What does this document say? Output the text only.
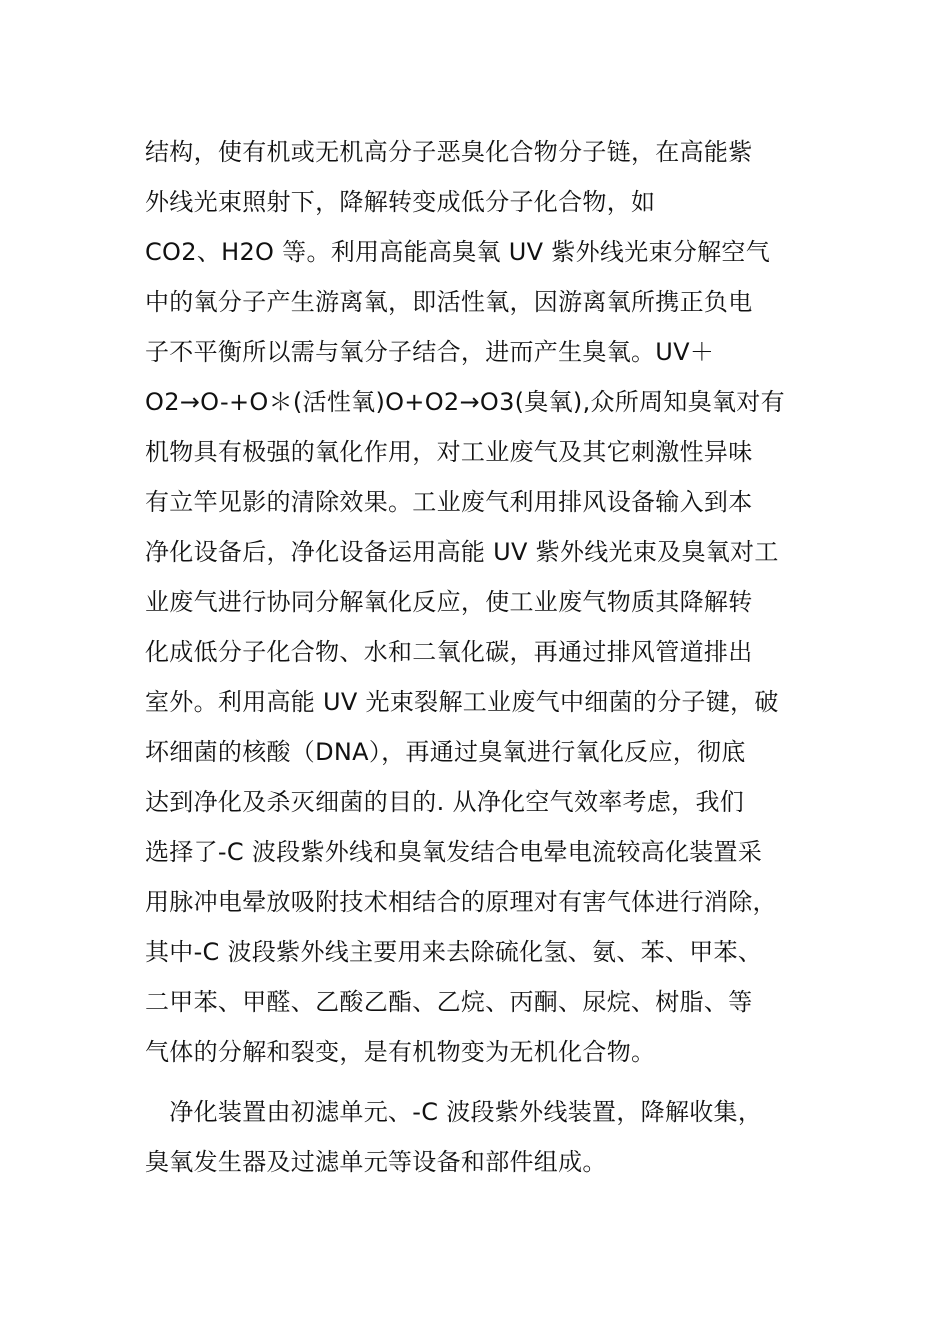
结构，使有机或无机高分子恶臭化合物分子链，在高能紫
外线光束照射下，降解转变成低分子化合物，如
CO2、H2O 等。利用高能高臭氧 UV 紫外线光束分解空气
中的氧分子产生游离氧，即活性氧，因游离氧所携正负电
子不平衡所以需与氧分子结合，进而产生臭氧。UV＋
O2→O-+O＊(活性氧)O+O2→O3(臭氧),众所周知臭氧对有
机物具有极强的氧化作用，对工业废气及其它刺激性异味
有立竿见影的清除效果。工业废气利用排风设备输入到本
净化设备后，净化设备运用高能 UV 紫外线光束及臭氧对工
业废气进行协同分解氧化反应，使工业废气物质其降解转
化成低分子化合物、水和二氧化碳，再通过排风管道排出
室外。利用高能 UV 光束裂解工业废气中细菌的分子键，破
坏细菌的核酸（DNA），再通过臭氧进行氧化反应，彻底
达到净化及杀灭细菌的目的. 从净化空气效率考虑，我们
选择了-C 波段紫外线和臭氧发结合电晕电流较高化装置采
用脉冲电晕放吸附技术相结合的原理对有害气体进行消除，
其中-C 波段紫外线主要用来去除硫化氢、氨、苯、甲苯、
二甲苯、甲醛、乙酸乙酯、乙烷、丙酮、尿烷、树脂、等
气体的分解和裂变，是有机物变为无机化合物。
　净化装置由初滤单元、-C 波段紫外线装置，降解收集，
臭氧发生器及过滤单元等设备和部件组成。
